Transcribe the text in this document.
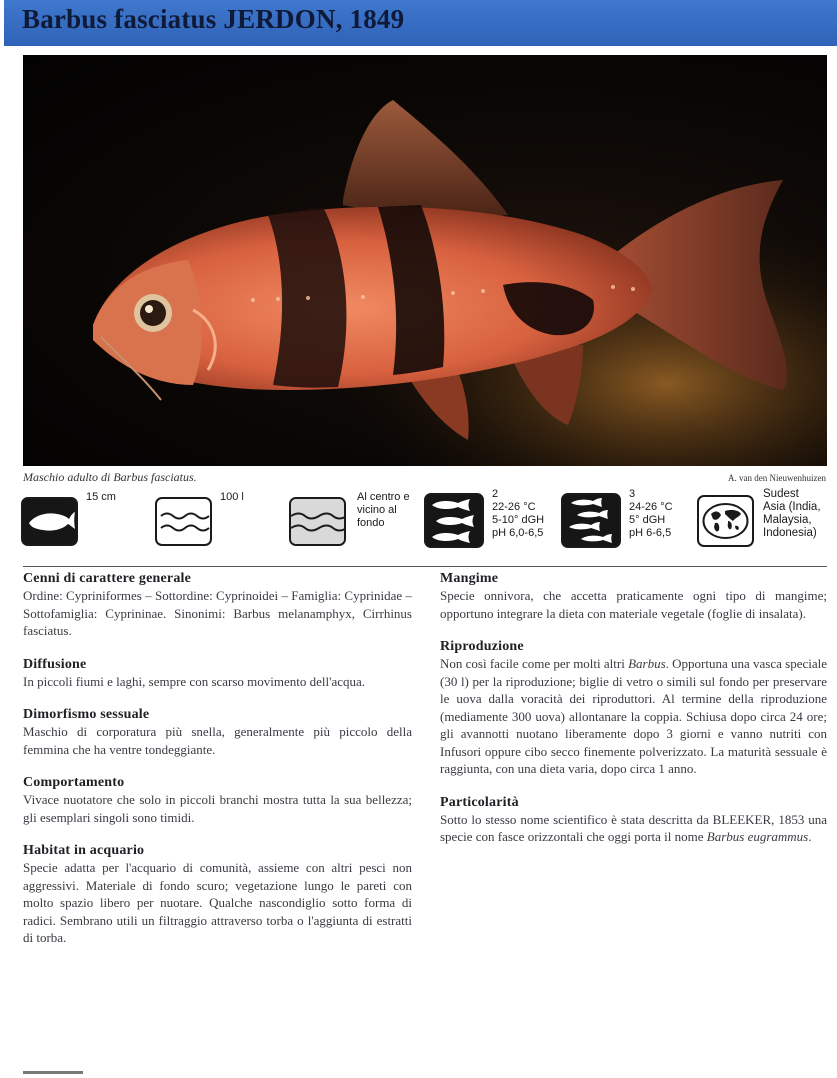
Barbus fasciatus JERDON, 1849
Maschio adulto di Barbus fasciatus.	A. van den Nieuwenhuizen
15 cm	100 l	Al centro e
vicino al
fondo
2
22-26 °C
5-10° dGH
pH 6,0-6,5
3
24-26 °C
5° dGH
pH 6-6,5
Sudest
Asia (India,
Malaysia,
Indonesia)
Cenni di carattere generale

Ordine: Cypriniformes – Sottordine: Cyprinoidei – Famiglia: Cyprinidae – Sottofamiglia: Cyprininae. Sinonimi: Barbus melanamphyx, Cirrhinus fasciatus.

Diffusione

In piccoli fiumi e laghi, sempre con scarso movimento dell'acqua.

Dimorfismo sessuale

Maschio di corporatura più snella, generalmente più piccolo della femmina che ha ventre tondeggiante.

Comportamento

Vivace nuotatore che solo in piccoli branchi mostra tutta la sua bellezza; gli esemplari singoli sono timidi.

Habitat in acquario

Specie adatta per l'acquario di comunità, assieme con altri pesci non aggressivi. Materiale di fondo scuro; vegetazione lungo le pareti con molto spazio libero per nuotare. Qualche nascondiglio sotto forma di radici. Sembrano utili un filtraggio attraverso torba o l'aggiunta di estratti di torba.

Mangime

Specie onnivora, che accetta praticamente ogni tipo di mangime; opportuno integrare la dieta con materiale vegetale (foglie di insalata).

Riproduzione

Non così facile come per molti altri Barbus. Opportuna una vasca speciale (30 l) per la riproduzione; biglie di vetro o simili sul fondo per preservare le uova dalla voracità dei riproduttori. Al termine della riproduzione (mediamente 300 uova) allontanare la coppia. Schiusa dopo circa 24 ore; gli avannotti nuotano liberamente dopo 3 giorni e vanno nutriti con Infusori oppure cibo secco finemente polverizzato. La maturità sessuale è raggiunta, con una dieta varia, dopo circa 1 anno.

Particolarità

Sotto lo stesso nome scientifico è stata descritta da BLEEKER, 1853 una specie con fasce orizzontali che oggi porta il nome Barbus eugrammus.
